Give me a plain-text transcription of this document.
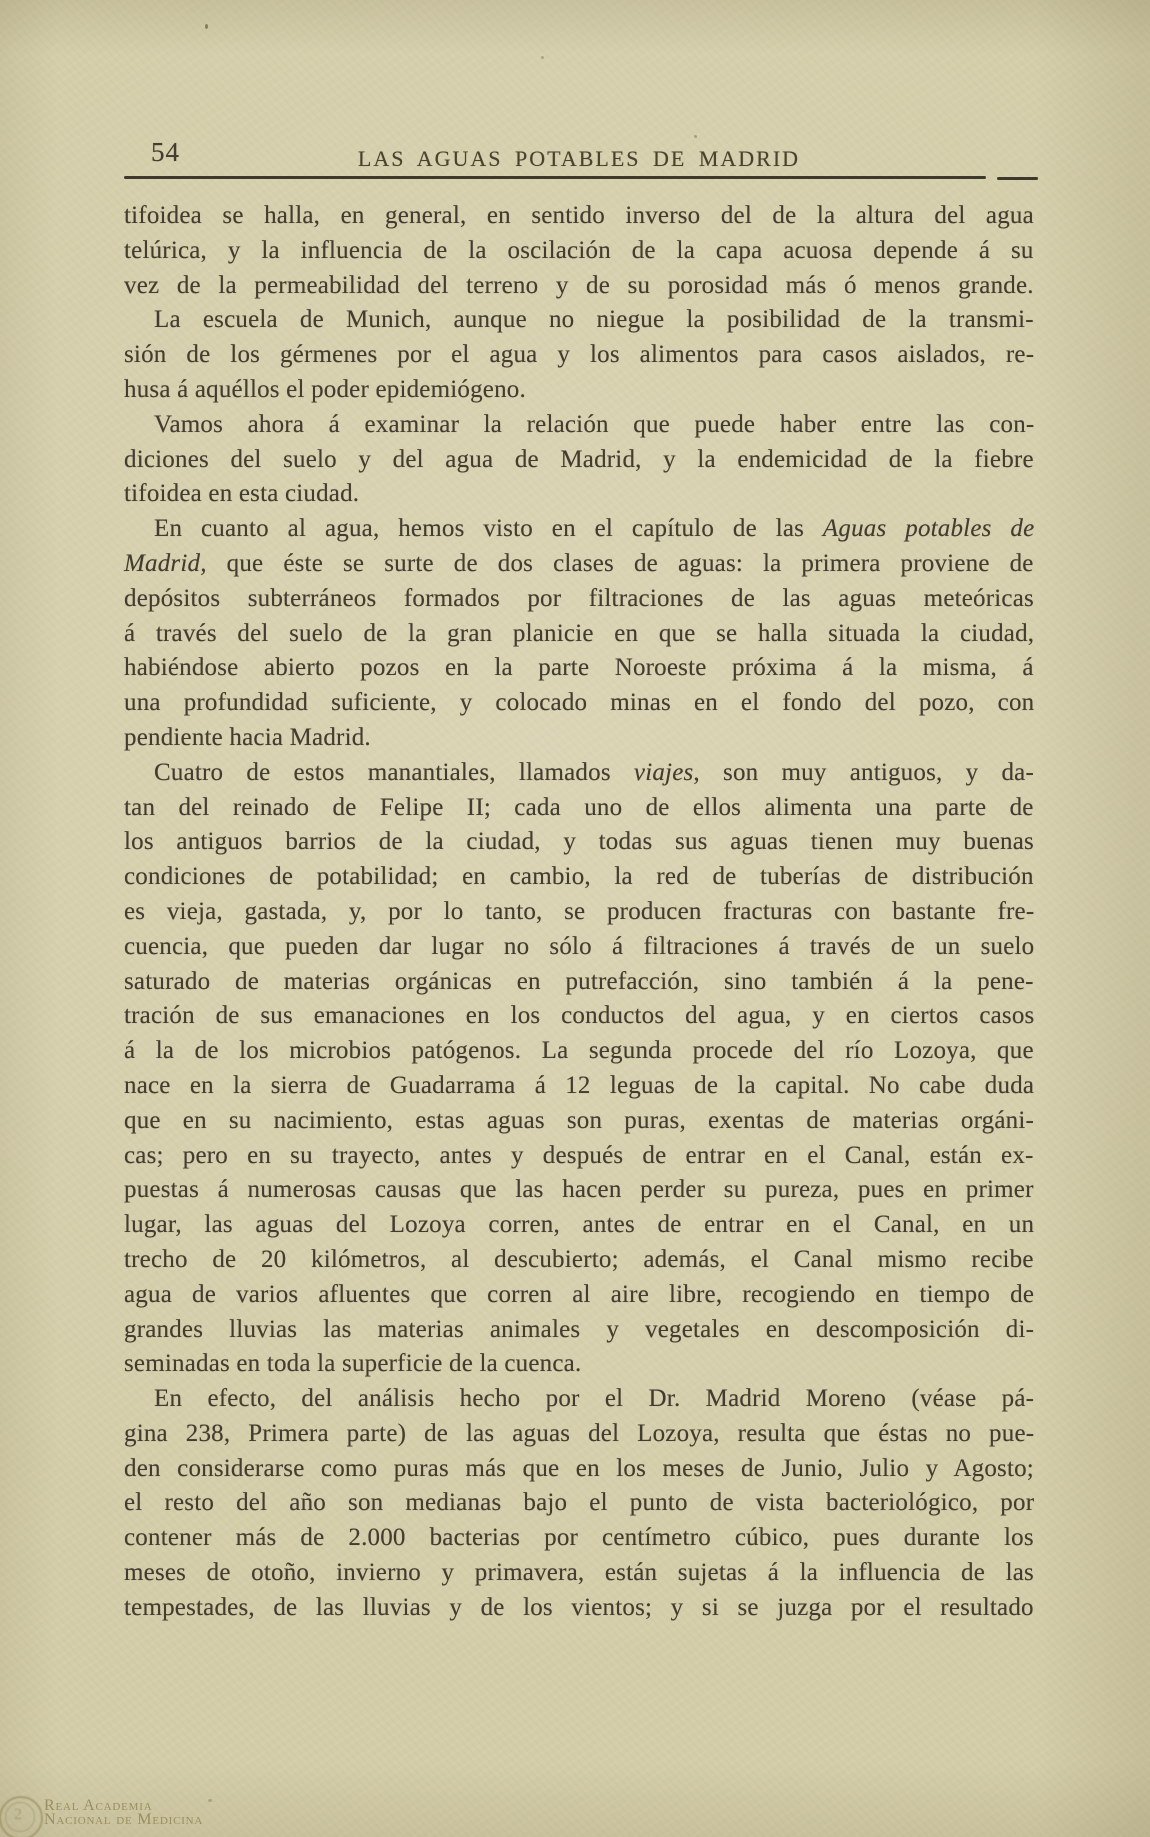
54	LAS AGUAS POTABLES DE MADRID
tifoidea se halla, en general, en sentido inverso del de la altura del agua
telúrica, y la influencia de la oscilación de la capa acuosa depende á su
vez de la permeabilidad del terreno y de su porosidad más ó menos grande.
La escuela de Munich, aunque no niegue la posibilidad de la transmi-
sión de los gérmenes por el agua y los alimentos para casos aislados, re-
husa á aquéllos el poder epidemiógeno.
Vamos ahora á examinar la relación que puede haber entre las con-
diciones del suelo y del agua de Madrid, y la endemicidad de la fiebre
tifoidea en esta ciudad.
En cuanto al agua, hemos visto en el capítulo de las Aguas potables de
Madrid, que éste se surte de dos clases de aguas: la primera proviene de
depósitos subterráneos formados por filtraciones de las aguas meteóricas
á través del suelo de la gran planicie en que se halla situada la ciudad,
habiéndose abierto pozos en la parte Noroeste próxima á la misma, á
una profundidad suficiente, y colocado minas en el fondo del pozo, con
pendiente hacia Madrid.
Cuatro de estos manantiales, llamados viajes, son muy antiguos, y da-
tan del reinado de Felipe II; cada uno de ellos alimenta una parte de
los antiguos barrios de la ciudad, y todas sus aguas tienen muy buenas
condiciones de potabilidad; en cambio, la red de tuberías de distribución
es vieja, gastada, y, por lo tanto, se producen fracturas con bastante fre-
cuencia, que pueden dar lugar no sólo á filtraciones á través de un suelo
saturado de materias orgánicas en putrefacción, sino también á la pene-
tración de sus emanaciones en los conductos del agua, y en ciertos casos
á la de los microbios patógenos. La segunda procede del río Lozoya, que
nace en la sierra de Guadarrama á 12 leguas de la capital. No cabe duda
que en su nacimiento, estas aguas son puras, exentas de materias orgáni-
cas; pero en su trayecto, antes y después de entrar en el Canal, están ex-
puestas á numerosas causas que las hacen perder su pureza, pues en primer
lugar, las aguas del Lozoya corren, antes de entrar en el Canal, en un
trecho de 20 kilómetros, al descubierto; además, el Canal mismo recibe
agua de varios afluentes que corren al aire libre, recogiendo en tiempo de
grandes lluvias las materias animales y vegetales en descomposición di-
seminadas en toda la superficie de la cuenca.
En efecto, del análisis hecho por el Dr. Madrid Moreno (véase pá-
gina 238, Primera parte) de las aguas del Lozoya, resulta que éstas no pue-
den considerarse como puras más que en los meses de Junio, Julio y Agosto;
el resto del año son medianas bajo el punto de vista bacteriológico, por
contener más de 2.000 bacterias por centímetro cúbico, pues durante los
meses de otoño, invierno y primavera, están sujetas á la influencia de las
tempestades, de las lluvias y de los vientos; y si se juzga por el resultado
2
Real Academia
Nacional de Medicina
